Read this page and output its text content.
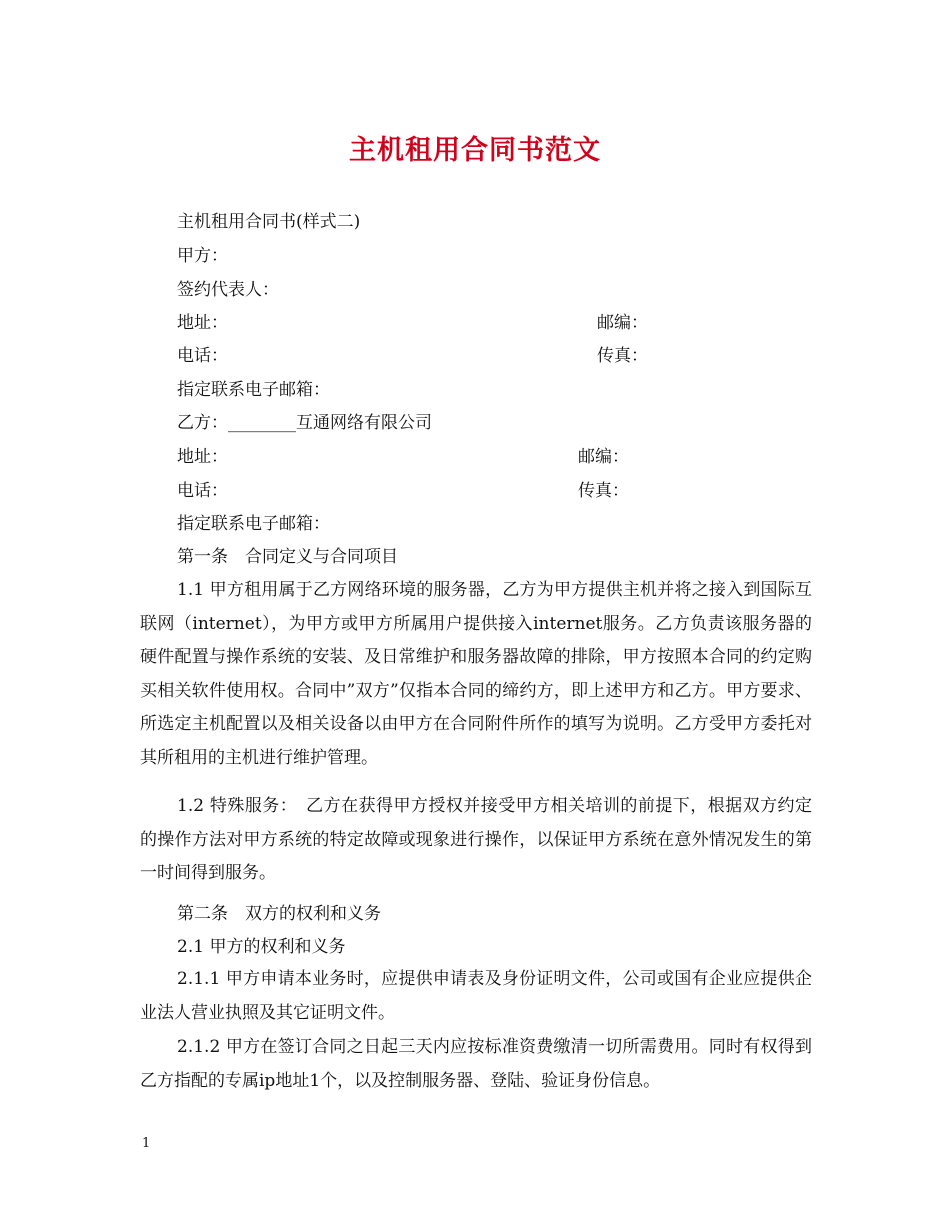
主机租用合同书范文
主机租用合同书(样式二)
甲方：
签约代表人：
地址：	邮编：
电话：	传真：
指定联系电子邮箱：
乙方：________互通网络有限公司
地址：	邮编：
电话：	传真：
指定联系电子邮箱：
第一条　合同定义与合同项目
1.1 甲方租用属于乙方网络环境的服务器，乙方为甲方提供主机并将之接入到国际互联网（internet），为甲方或甲方所属用户提供接入internet服务。乙方负责该服务器的硬件配置与操作系统的安装、及日常维护和服务器故障的排除，甲方按照本合同的约定购买相关软件使用权。合同中”双方”仅指本合同的缔约方，即上述甲方和乙方。甲方要求、所选定主机配置以及相关设备以由甲方在合同附件所作的填写为说明。乙方受甲方委托对其所租用的主机进行维护管理。
1.2 特殊服务：　乙方在获得甲方授权并接受甲方相关培训的前提下，根据双方约定的操作方法对甲方系统的特定故障或现象进行操作，以保证甲方系统在意外情况发生的第一时间得到服务。
第二条　双方的权利和义务
2.1 甲方的权利和义务
2.1.1 甲方申请本业务时，应提供申请表及身份证明文件，公司或国有企业应提供企业法人营业执照及其它证明文件。
2.1.2 甲方在签订合同之日起三天内应按标准资费缴清一切所需费用。同时有权得到乙方指配的专属ip地址1个，以及控制服务器、登陆、验证身份信息。
1
